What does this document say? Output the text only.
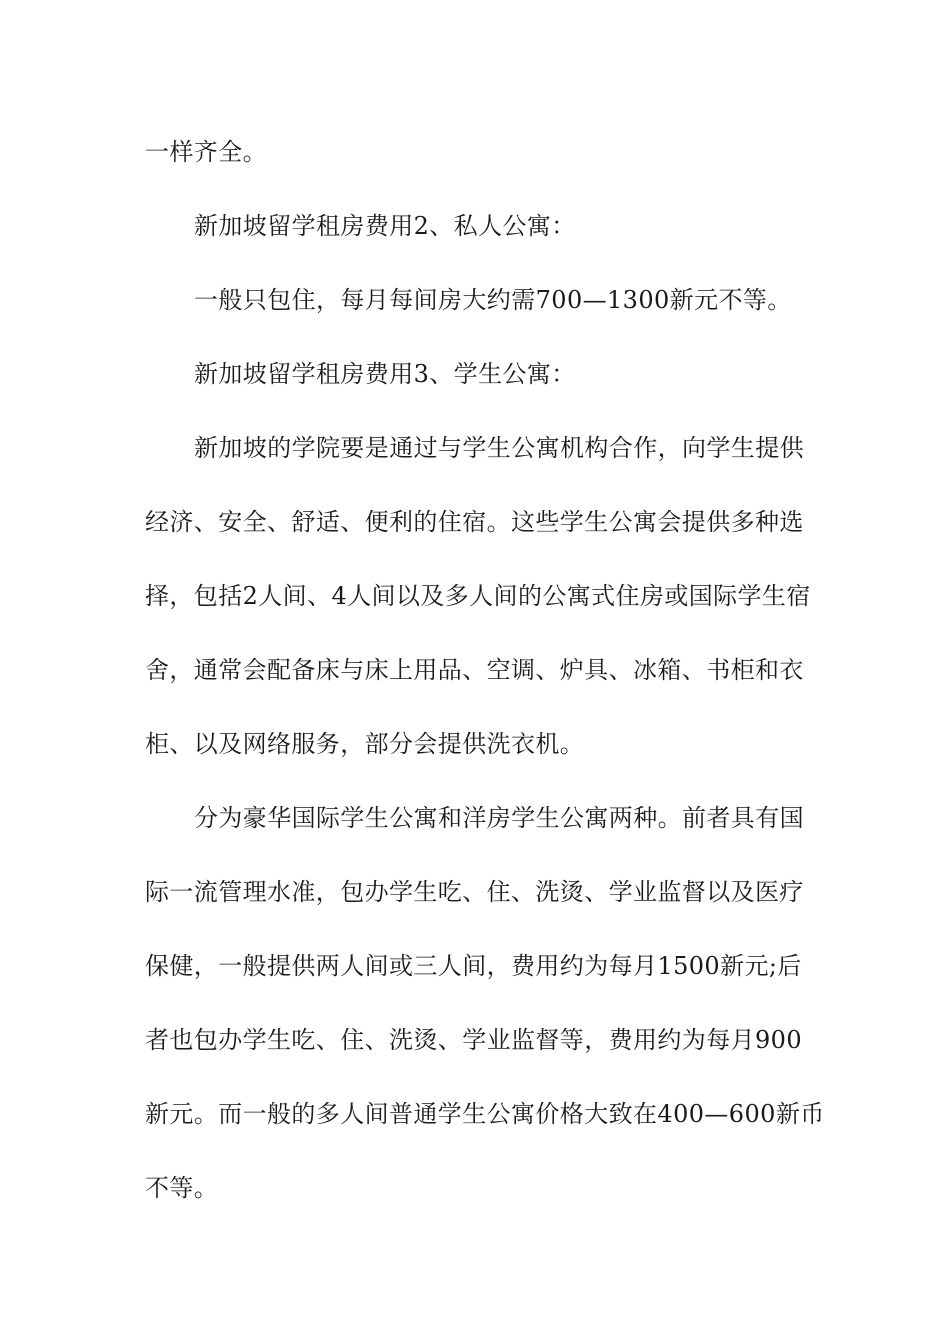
一样齐全。
新加坡留学租房费用2、私人公寓：
一般只包住，每月每间房大约需700—1300新元不等。
新加坡留学租房费用3、学生公寓：
新加坡的学院要是通过与学生公寓机构合作，向学生提供
经济、安全、舒适、便利的住宿。这些学生公寓会提供多种选
择，包括2人间、4人间以及多人间的公寓式住房或国际学生宿
舍，通常会配备床与床上用品、空调、炉具、冰箱、书柜和衣
柜、以及网络服务，部分会提供洗衣机。
分为豪华国际学生公寓和洋房学生公寓两种。前者具有国
际一流管理水准，包办学生吃、住、洗烫、学业监督以及医疗
保健，一般提供两人间或三人间，费用约为每月1500新元;后
者也包办学生吃、住、洗烫、学业监督等，费用约为每月900
新元。而一般的多人间普通学生公寓价格大致在400—600新币
不等。
